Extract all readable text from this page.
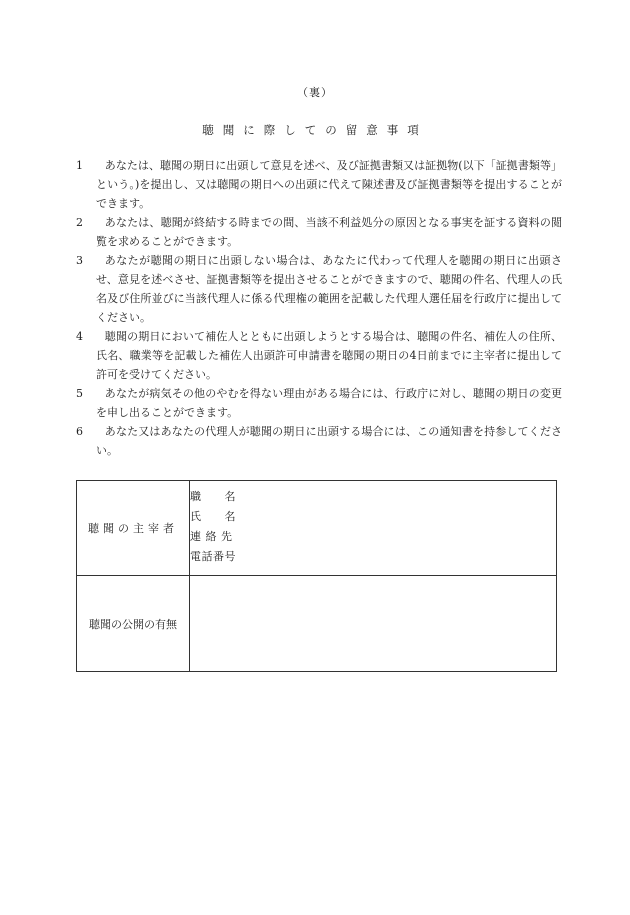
（裏）
聴聞に際しての留意事項
1	あなたは、聴聞の期日に出頭して意見を述べ、及び証拠書類又は証拠物(以下「証拠書類等」という。)を提出し、又は聴聞の期日への出頭に代えて陳述書及び証拠書類等を提出することができます。
2	あなたは、聴聞が終結する時までの間、当該不利益処分の原因となる事実を証する資料の閲覧を求めることができます。
3	あなたが聴聞の期日に出頭しない場合は、あなたに代わって代理人を聴聞の期日に出頭させ、意見を述べさせ、証拠書類等を提出させることができますので、聴聞の件名、代理人の氏名及び住所並びに当該代理人に係る代理権の範囲を記載した代理人選任届を行政庁に提出してください。
4	聴聞の期日において補佐人とともに出頭しようとする場合は、聴聞の件名、補佐人の住所、氏名、職業等を記載した補佐人出頭許可申請書を聴聞の期日の4日前までに主宰者に提出して許可を受けてください。
5	あなたが病気その他のやむを得ない理由がある場合には、行政庁に対し、聴聞の期日の変更を申し出ることができます。
6	あなた又はあなたの代理人が聴聞の期日に出頭する場合には、この通知書を持参してください。
聴聞の主宰者	職　　名
氏　　名
連 絡 先
電話番号

聴聞の公開の有無	
